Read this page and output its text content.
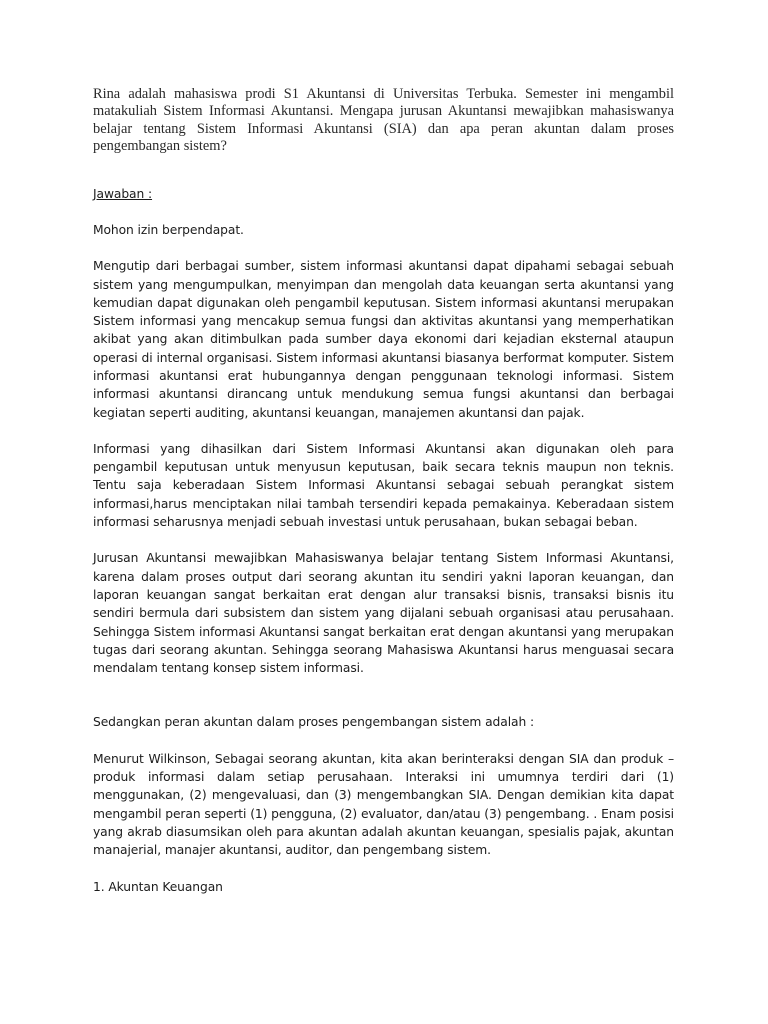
Rina adalah mahasiswa prodi S1 Akuntansi di Universitas Terbuka. Semester ini mengambil matakuliah Sistem Informasi Akuntansi. Mengapa jurusan Akuntansi mewajibkan mahasiswanya belajar tentang Sistem Informasi Akuntansi (SIA) dan apa peran akuntan dalam proses pengembangan sistem?

Jawaban :
Mohon izin berpendapat.
Mengutip dari berbagai sumber, sistem informasi akuntansi dapat dipahami sebagai sebuah sistem yang mengumpulkan, menyimpan dan mengolah data keuangan serta akuntansi yang kemudian dapat digunakan oleh pengambil keputusan. Sistem informasi akuntansi merupakan Sistem informasi yang mencakup semua fungsi dan aktivitas akuntansi yang memperhatikan akibat yang akan ditimbulkan pada sumber daya ekonomi dari kejadian eksternal ataupun operasi di internal organisasi. Sistem informasi akuntansi biasanya berformat komputer. Sistem informasi akuntansi erat hubungannya dengan penggunaan teknologi informasi. Sistem informasi akuntansi dirancang untuk mendukung semua fungsi akuntansi dan berbagai kegiatan seperti auditing, akuntansi keuangan, manajemen akuntansi dan pajak.
Informasi yang dihasilkan dari Sistem Informasi Akuntansi akan digunakan oleh para pengambil keputusan untuk menyusun keputusan, baik secara teknis maupun non teknis. Tentu saja keberadaan Sistem Informasi Akuntansi sebagai sebuah perangkat sistem informasi,harus menciptakan nilai tambah tersendiri kepada pemakainya. Keberadaan sistem informasi seharusnya menjadi sebuah investasi untuk perusahaan, bukan sebagai beban.
Jurusan Akuntansi mewajibkan Mahasiswanya belajar tentang Sistem Informasi Akuntansi, karena dalam proses output dari seorang akuntan itu sendiri yakni laporan keuangan, dan laporan keuangan sangat berkaitan erat dengan alur transaksi bisnis, transaksi bisnis itu sendiri bermula dari subsistem dan sistem yang dijalani sebuah organisasi atau perusahaan. Sehingga Sistem informasi Akuntansi sangat berkaitan erat dengan akuntansi yang merupakan tugas dari seorang akuntan. Sehingga seorang Mahasiswa Akuntansi harus menguasai secara mendalam tentang konsep sistem informasi.
Sedangkan peran akuntan dalam proses pengembangan sistem adalah :
Menurut Wilkinson, Sebagai seorang akuntan, kita akan berinteraksi dengan SIA dan produk – produk informasi dalam setiap perusahaan. Interaksi ini umumnya terdiri dari (1) menggunakan, (2) mengevaluasi, dan (3) mengembangkan SIA. Dengan demikian kita dapat mengambil peran seperti (1) pengguna, (2) evaluator, dan/atau (3) pengembang. . Enam posisi yang akrab diasumsikan oleh para akuntan adalah akuntan keuangan, spesialis pajak, akuntan manajerial, manajer akuntansi, auditor, dan pengembang sistem.
1. Akuntan Keuangan
